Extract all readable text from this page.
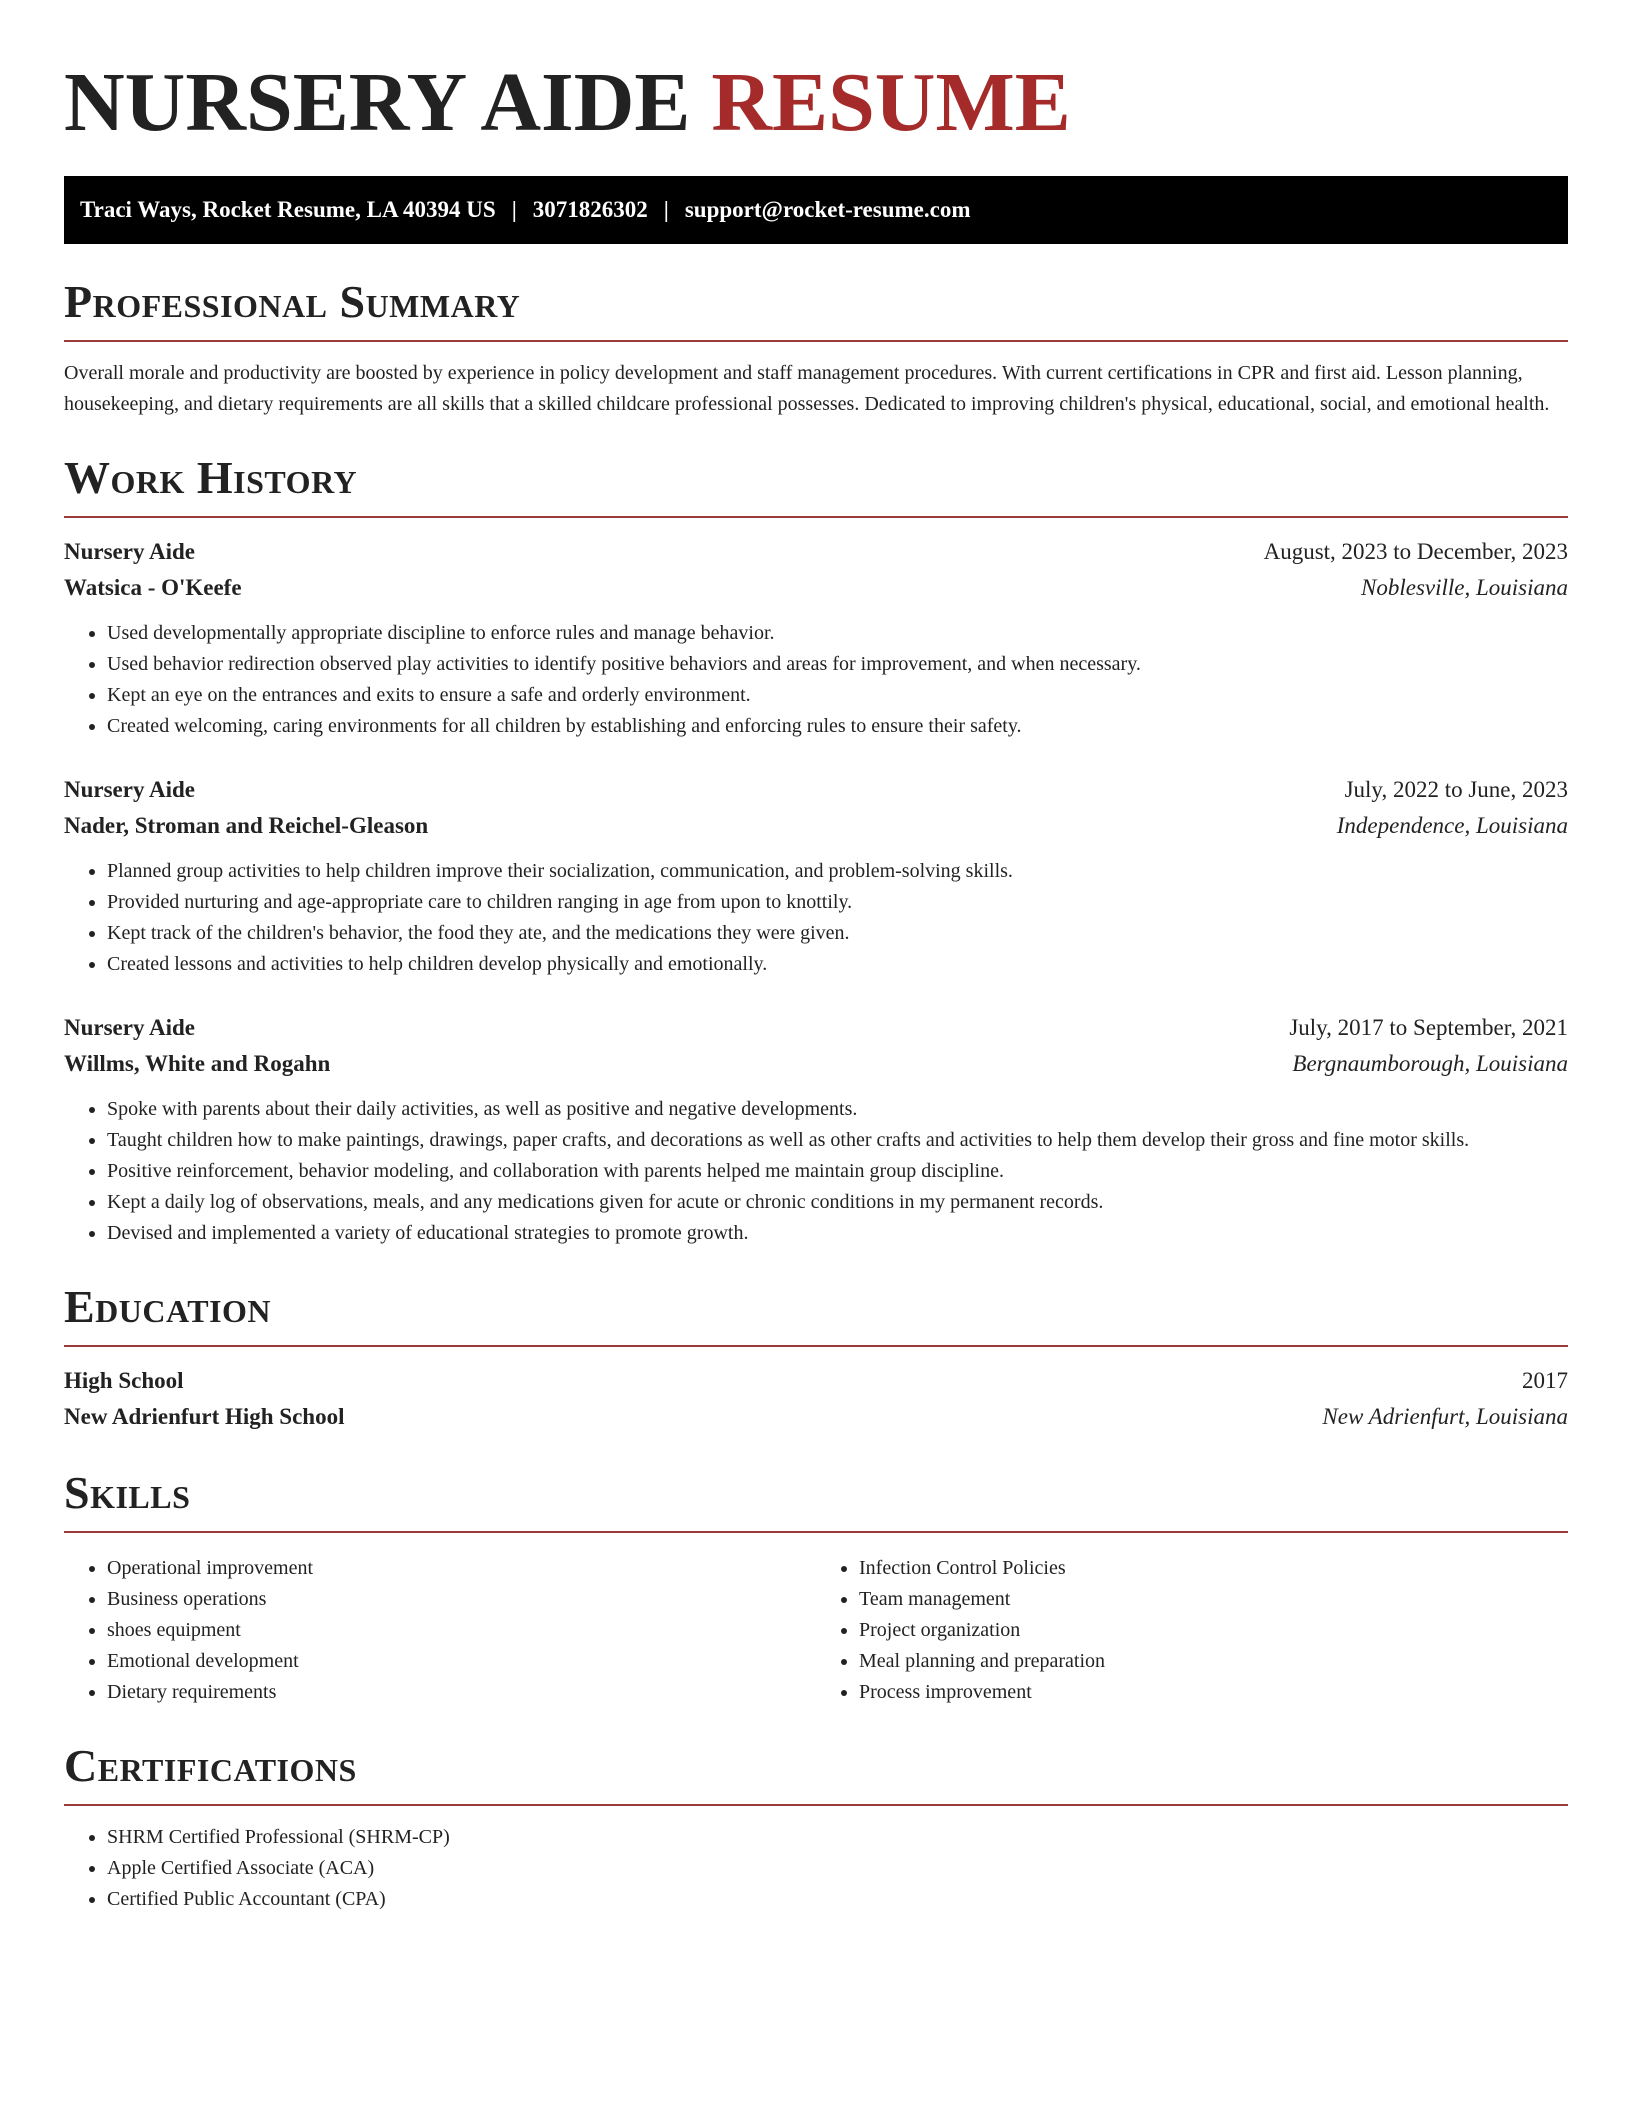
NURSERY AIDE RESUME
Traci Ways, Rocket Resume, LA 40394 US | 3071826302 | support@rocket-resume.com
Professional Summary

Overall morale and productivity are boosted by experience in policy development and staff management procedures. With current certifications in CPR and first aid. Lesson planning, housekeeping, and dietary requirements are all skills that a skilled childcare professional possesses. Dedicated to improving children's physical, educational, social, and emotional health.

Work History
Nursery Aide	August, 2023 to December, 2023
Watsica - O'Keefe	Noblesville, Louisiana
• Used developmentally appropriate discipline to enforce rules and manage behavior.
• Used behavior redirection observed play activities to identify positive behaviors and areas for improvement, and when necessary.
• Kept an eye on the entrances and exits to ensure a safe and orderly environment.
• Created welcoming, caring environments for all children by establishing and enforcing rules to ensure their safety.
Nursery Aide	July, 2022 to June, 2023
Nader, Stroman and Reichel-Gleason	Independence, Louisiana
• Planned group activities to help children improve their socialization, communication, and problem-solving skills.
• Provided nurturing and age-appropriate care to children ranging in age from upon to knottily.
• Kept track of the children's behavior, the food they ate, and the medications they were given.
• Created lessons and activities to help children develop physically and emotionally.
Nursery Aide	July, 2017 to September, 2021
Willms, White and Rogahn	Bergnaumborough, Louisiana
• Spoke with parents about their daily activities, as well as positive and negative developments.
• Taught children how to make paintings, drawings, paper crafts, and decorations as well as other crafts and activities to help them develop their gross and fine motor skills.
• Positive reinforcement, behavior modeling, and collaboration with parents helped me maintain group discipline.
• Kept a daily log of observations, meals, and any medications given for acute or chronic conditions in my permanent records.
• Devised and implemented a variety of educational strategies to promote growth.
Education
High School	2017
New Adrienfurt High School	New Adrienfurt, Louisiana
Skills
• Operational improvement
• Business operations
• shoes equipment
• Emotional development
• Dietary requirements
• Infection Control Policies
• Team management
• Project organization
• Meal planning and preparation
• Process improvement
Certifications
• SHRM Certified Professional (SHRM-CP)
• Apple Certified Associate (ACA)
• Certified Public Accountant (CPA)
